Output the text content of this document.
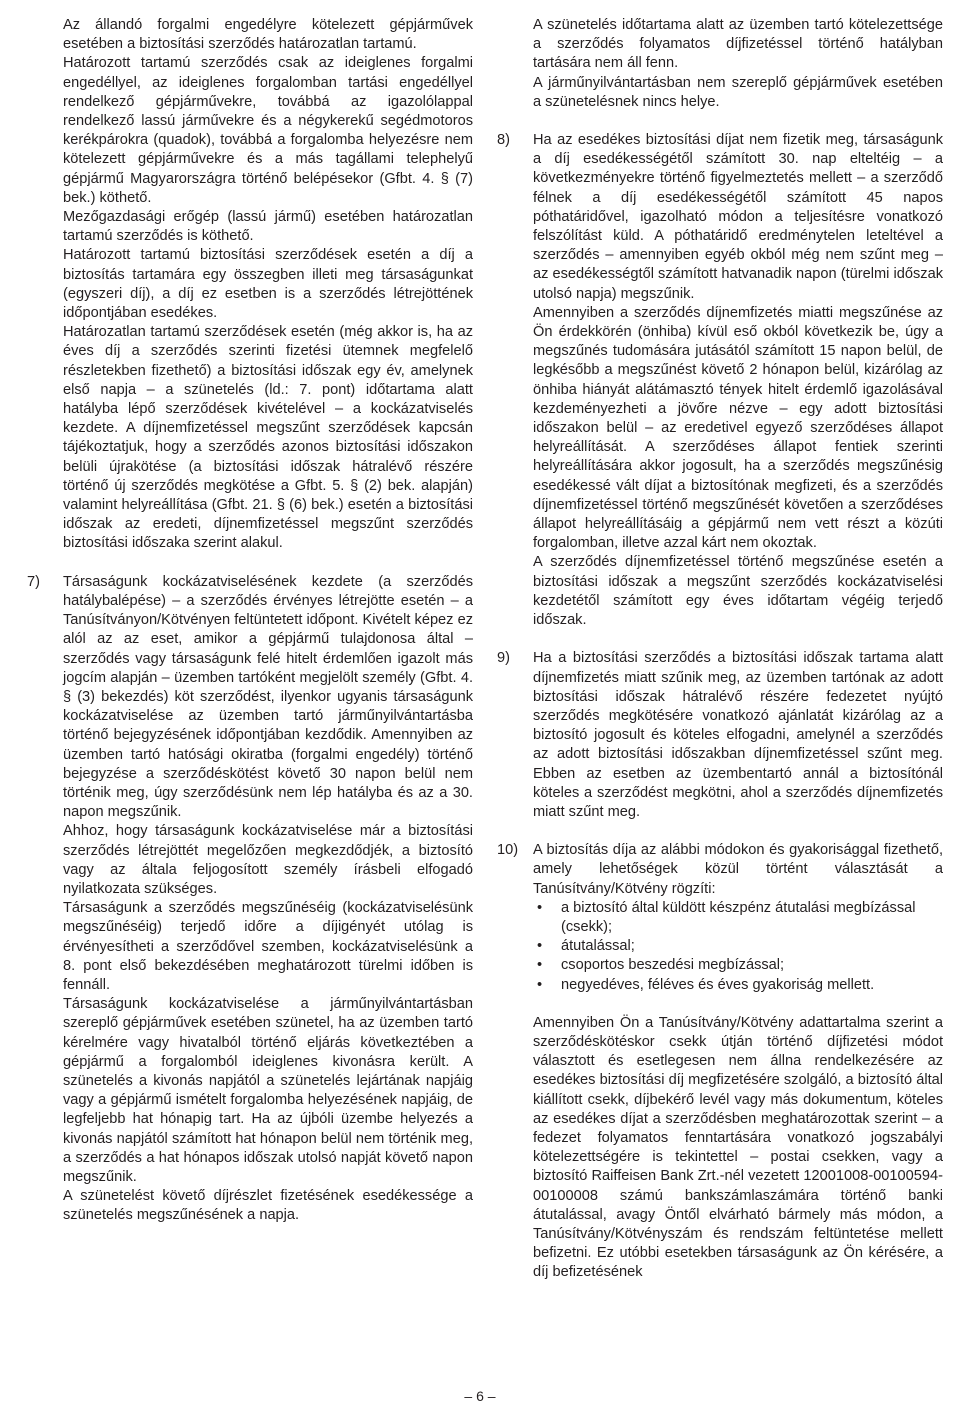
Az állandó forgalmi engedélyre kötelezett gépjárművek esetében a biztosítási szerződés határozatlan tartamú.

Határozott tartamú szerződés csak az ideiglenes forgalmi engedéllyel, az ideiglenes forgalomban tartási engedéllyel rendelkező gépjárművekre, továbbá az igazolólappal rendelkező lassú járművekre és a négykerekű segédmotoros kerékpárokra (quadok), továbbá a forgalomba helyezésre nem kötelezett gépjárművekre és a más tagállami telephelyű gépjármű Magyarországra történő belépésekor (Gfbt. 4. § (7) bek.) köthető.

Mezőgazdasági erőgép (lassú jármű) esetében határozatlan tartamú szerződés is köthető.

Határozott tartamú biztosítási szerződések esetén a díj a biztosítás tartamára egy összegben illeti meg társaságunkat (egyszeri díj), a díj ez esetben is a szerződés létrejöttének időpontjában esedékes.

Határozatlan tartamú szerződések esetén (még akkor is, ha az éves díj a szerződés szerinti fizetési ütemnek megfelelő részletekben fizethető) a biztosítási időszak egy év, amelynek első napja – a szünetelés (ld.: 7. pont) időtartama alatt hatályba lépő szerződések kivételével – a kockázatviselés kezdete. A díjnemfizetéssel megszűnt szerződések kapcsán tájékoztatjuk, hogy a szerződés azonos biztosítási időszakon belüli újrakötése (a biztosítási időszak hátralévő részére történő új szerződés megkötése a Gfbt. 5. § (2) bek. alapján) valamint helyreállítása (Gfbt. 21. § (6) bek.) esetén a biztosítási időszak az eredeti, díjnemfizetéssel megszűnt szerződés biztosítási időszaka szerint alakul.

7) Társaságunk kockázatviselésének kezdete (a szerződés hatálybalépése) – a szerződés érvényes létrejötte esetén – a Tanúsítványon/Kötvényen feltüntetett időpont. Kivételt képez ez alól az az eset, amikor a gépjármű tulajdonosa által – szerződés vagy társaságunk felé hitelt érdemlően igazolt más jogcím alapján – üzemben tartóként megjelölt személy (Gfbt. 4. § (3) bekezdés) köt szerződést, ilyenkor ugyanis társaságunk kockázatviselése az üzemben tartó járműnyilvántartásba történő bejegyzésének időpontjában kezdődik. Amennyiben az üzemben tartó hatósági okiratba (forgalmi engedély) történő bejegyzése a szerződéskötést követő 30 napon belül nem történik meg, úgy szerződésünk nem lép hatályba és az a 30. napon megszűnik.

Ahhoz, hogy társaságunk kockázatviselése már a biztosítási szerződés létrejöttét megelőzően megkezdődjék, a biztosító vagy az általa feljogosított személy írásbeli elfogadó nyilatkozata szükséges.

Társaságunk a szerződés megszűnéséig (kockázatviselésünk megszűnéséig) terjedő időre a díjigényét utólag is érvényesítheti a szerződővel szemben, kockázatviselésünk a 8. pont első bekezdésében meghatározott türelmi időben is fennáll.

Társaságunk kockázatviselése a járműnyilvántartásban szereplő gépjárművek esetében szünetel, ha az üzemben tartó kérelmére vagy hivatalból történő eljárás következtében a gépjármű a forgalomból ideiglenes kivonásra került. A szünetelés a kivonás napjától a szünetelés lejártának napjáig vagy a gépjármű ismételt forgalomba helyezésének napjáig, de legfeljebb hat hónapig tart. Ha az újbóli üzembe helyezés a kivonás napjától számított hat hónapon belül nem történik meg, a szerződés a hat hónapos időszak utolsó napját követő napon megszűnik.

A szünetelést követő díjrészlet fizetésének esedékessége a szünetelés megszűnésének a napja.

A szünetelés időtartama alatt az üzemben tartó kötelezettsége a szerződés folyamatos díjfizetéssel történő hatályban tartására nem áll fenn.

A járműnyilvántartásban nem szereplő gépjárművek esetében a szünetelésnek nincs helye.

8) Ha az esedékes biztosítási díjat nem fizetik meg, társaságunk a díj esedékességétől számított 30. nap elteltéig – a következményekre történő figyelmeztetés mellett – a szerződő félnek a díj esedékességétől számított 45 napos póthatáridővel, igazolható módon a teljesítésre vonatkozó felszólítást küld. A póthatáridő eredménytelen leteltével a szerződés – amennyiben egyéb okból még nem szűnt meg – az esedékességtől számított hatvanadik napon (türelmi időszak utolsó napja) megszűnik.

Amennyiben a szerződés díjnemfizetés miatti megszűnése az Ön érdekkörén (önhiba) kívül eső okból következik be, úgy a megszűnés tudomására jutásától számított 15 napon belül, de legkésőbb a megszűnést követő 2 hónapon belül, kizárólag az önhiba hiányát alátámasztó tények hitelt érdemlő igazolásával kezdeményezheti a jövőre nézve – egy adott biztosítási időszakon belül – az eredetivel egyező szerződéses állapot helyreállítását. A szerződéses állapot fentiek szerinti helyreállítására akkor jogosult, ha a szerződés megszűnésig esedékessé vált díjat a biztosítónak megfizeti, és a szerződés díjnemfizetéssel történő megszűnését követően a szerződéses állapot helyreállításáig a gépjármű nem vett részt a közúti forgalomban, illetve azzal kárt nem okoztak.

A szerződés díjnemfizetéssel történő megszűnése esetén a biztosítási időszak a megszűnt szerződés kockázatviselési kezdetétől számított egy éves időtartam végéig terjedő időszak.

9) Ha a biztosítási szerződés a biztosítási időszak tartama alatt díjnemfizetés miatt szűnik meg, az üzemben tartónak az adott biztosítási időszak hátralévő részére fedezetet nyújtó szerződés megkötésére vonatkozó ajánlatát kizárólag az a biztosító jogosult és köteles elfogadni, amelynél a szerződés az adott biztosítási időszakban díjnemfizetéssel szűnt meg. Ebben az esetben az üzembentartó annál a biztosítónál köteles a szerződést megkötni, ahol a szerződés díjnemfizetés miatt szűnt meg.

10) A biztosítás díja az alábbi módokon és gyakorisággal fizethető, amely lehetőségek közül történt választását a Tanúsítvány/Kötvény rögzíti:

• a biztosító által küldött készpénz átutalási megbízással (csekk);
• átutalással;
• csoportos beszedési megbízással;
• negyedéves, féléves és éves gyakoriság mellett.

Amennyiben Ön a Tanúsítvány/Kötvény adattartalma szerint a szerződéskötéskor csekk útján történő díjfizetési módot választott és esetlegesen nem állna rendelkezésére az esedékes biztosítási díj megfizetésére szolgáló, a biztosító által kiállított csekk, díjbekérő levél vagy más dokumentum, köteles az esedékes díjat a szerződésben meghatározottak szerint – a fedezet folyamatos fenntartására vonatkozó jogszabályi kötelezettségére is tekintettel – postai csekken, vagy a biztosító Raiffeisen Bank Zrt.-nél vezetett 12001008-00100594-00100008 számú bankszámlaszámára történő banki átutalással, avagy Öntől elvárható bármely más módon, a Tanúsítvány/Kötvényszám és rendszám feltüntetése mellett befizetni. Ez utóbbi esetekben társaságunk az Ön kérésére, a díj befizetésének

– 6 –
